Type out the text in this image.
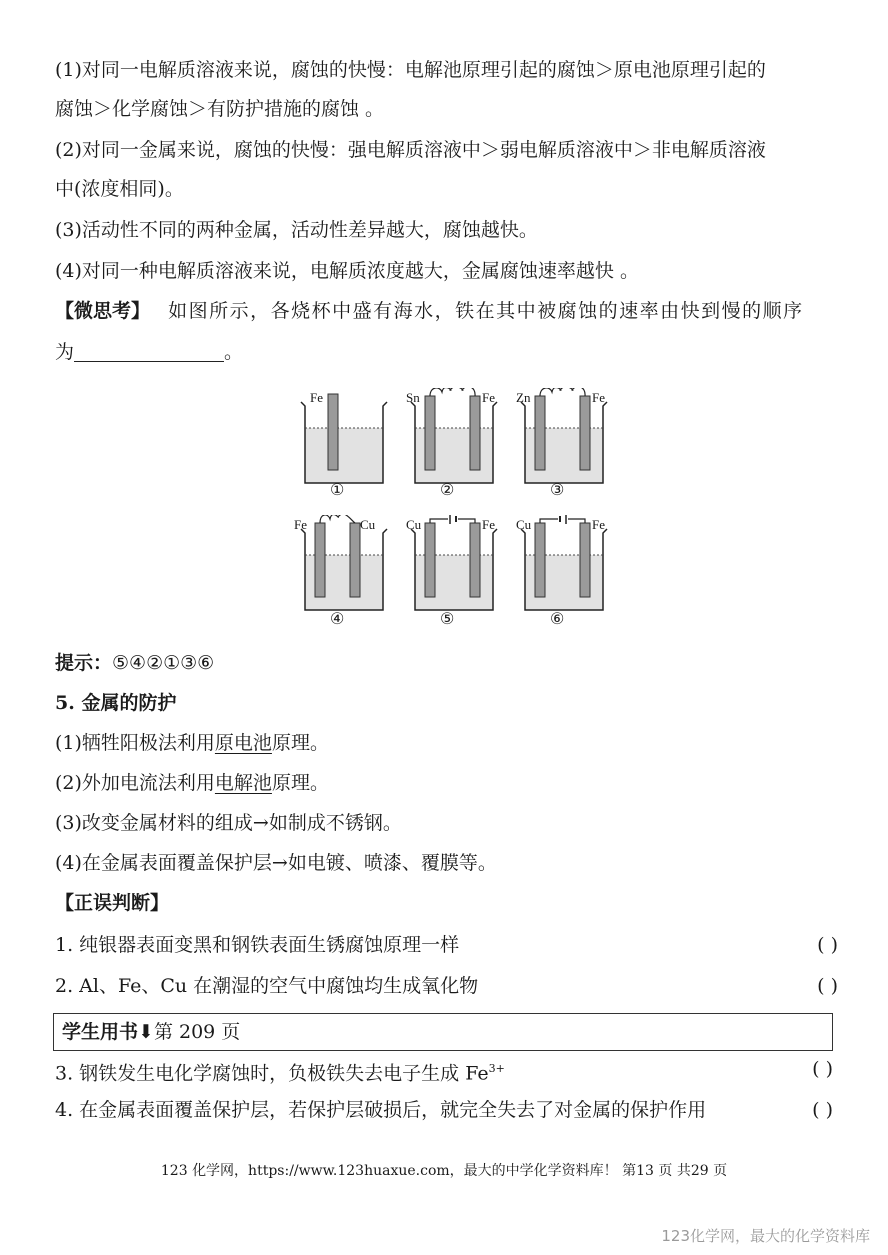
(1)对同一电解质溶液来说，腐蚀的快慢：电解池原理引起的腐蚀＞原电池原理引起的
腐蚀＞化学腐蚀＞有防护措施的腐蚀 。
(2)对同一金属来说，腐蚀的快慢：强电解质溶液中＞弱电解质溶液中＞非电解质溶液
中(浓度相同)。
(3)活动性不同的两种金属，活动性差异越大，腐蚀越快。
(4)对同一种电解质溶液来说，电解质浓度越大，金属腐蚀速率越快 。
【微思考】 如图所示，各烧杯中盛有海水，铁在其中被腐蚀的速率由快到慢的顺序
为	。
Fe
①
Sn	Fe
②
Zn	Fe
③
Fe	Cu
④
Cu	Fe
⑤
Cu	Fe
⑥
提示：⑤④②①③⑥
5. 金属的防护
(1)牺牲阳极法利用原电池原理。
(2)外加电流法利用电解池原理。
(3)改变金属材料的组成→如制成不锈钢。
(4)在金属表面覆盖保护层→如电镀、喷漆、覆膜等。
【正误判断】
1. 纯银器表面变黑和钢铁表面生锈腐蚀原理一样	( )
2. Al、Fe、Cu 在潮湿的空气中腐蚀均生成氧化物	( )
学生用书⬇第 209 页
3. 钢铁发生电化学腐蚀时，负极铁失去电子生成 $Fe^{3+}$	( )
4. 在金属表面覆盖保护层，若保护层破损后，就完全失去了对金属的保护作用	( )
123 化学网，https://www.123huaxue.com，最大的中学化学资料库！ 第13 页 共29 页
123化学网，最大的化学资料库
